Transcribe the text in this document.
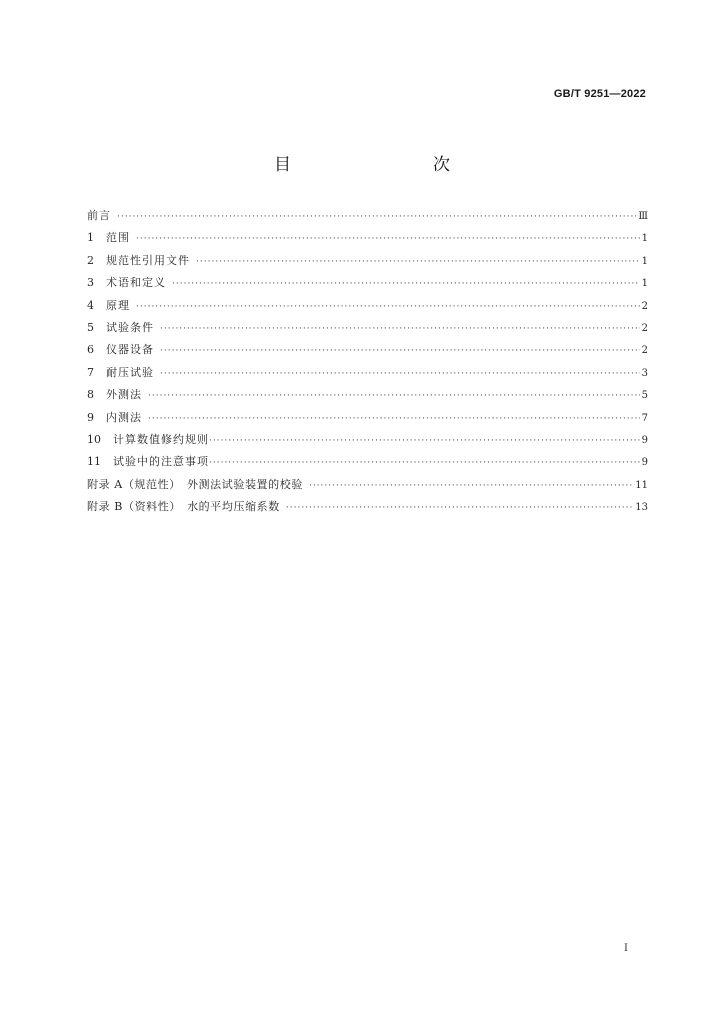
GB/T 9251—2022
目　　次
前言 ·····	Ⅲ
1	范围 ·····	1
2	规范性引用文件 ·····	1
3	术语和定义 ·····	1
4	原理 ·····	2
5	试验条件 ·····	2
6	仪器设备 ·····	2
7	耐压试验 ·····	3
8	外测法 ·····	5
9	内测法 ·····	7
10	计算数值修约规则 ·····	9
11	试验中的注意事项 ·····	9
附录 A（规范性）　外测法试验装置的校验 ·····	11
附录 B（资料性）　水的平均压缩系数 ·····	13
I
